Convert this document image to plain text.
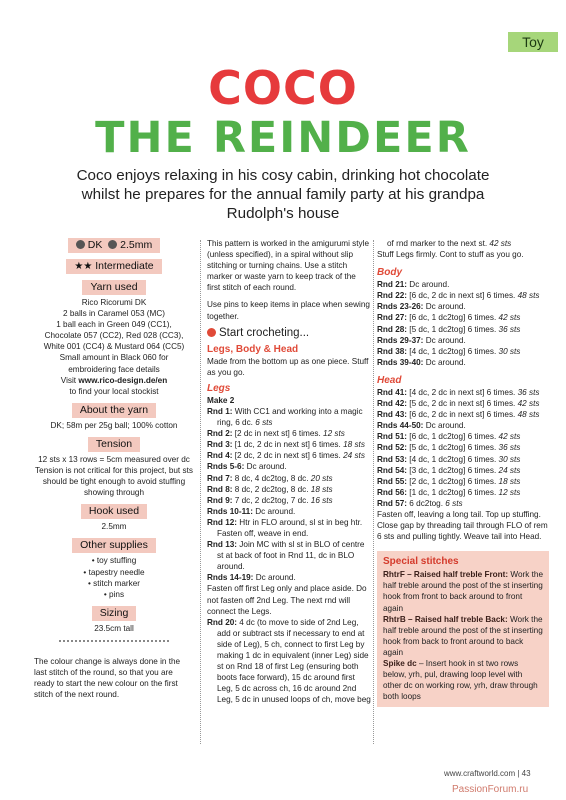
Toy
COCO
THE REINDEER
Coco enjoys relaxing in his cosy cabin, drinking hot chocolate whilst he prepares for the annual family party at his grandpa Rudolph's house
DK 2.5mm
★★ Intermediate
Yarn used
Rico Ricorumi DK
2 balls in Caramel 053 (MC)
1 ball each in Green 049 (CC1),
Chocolate 057 (CC2), Red 028 (CC3),
White 001 (CC4) & Mustard 064 (CC5)
Small amount in Black 060 for
embroidering face details
Visit www.rico-design.de/en
to find your local stockist
About the yarn
DK; 58m per 25g ball; 100% cotton
Tension
12 sts x 13 rows = 5cm measured over dc Tension is not critical for this project, but sts should be tight enough to avoid stuffing showing through
Hook used
2.5mm
Other supplies
• toy stuffing
• tapestry needle
• stitch marker
• pins
Sizing
23.5cm tall
The colour change is always done in the last stitch of the round, so that you are ready to start the new colour on the first stitch of the next round.
This pattern is worked in the amigurumi style (unless specified), in a spiral without slip stitching or turning chains. Use a stitch marker or waste yarn to keep track of the first stitch of each round.
Use pins to keep items in place when sewing together.
Start crocheting...
Legs, Body & Head
Made from the bottom up as one piece. Stuff as you go.
Legs
Make 2
Rnd 1: With CC1 and working into a magic ring, 6 dc. 6 sts
Rnd 2: [2 dc in next st] 6 times. 12 sts
Rnd 3: [1 dc, 2 dc in next st] 6 times. 18 sts
Rnd 4: [2 dc, 2 dc in next st] 6 times. 24 sts
Rnds 5-6: Dc around.
Rnd 7: 8 dc, 4 dc2tog, 8 dc. 20 sts
Rnd 8: 8 dc, 2 dc2tog, 8 dc. 18 sts
Rnd 9: 7 dc, 2 dc2tog, 7 dc. 16 sts
Rnds 10-11: Dc around.
Rnd 12: Htr in FLO around, sl st in beg htr. Fasten off, weave in end.
Rnd 13: Join MC with sl st in BLO of centre st at back of foot in Rnd 11, dc in BLO around.
Rnds 14-19: Dc around.
Fasten off first Leg only and place aside. Do not fasten off 2nd Leg. The next rnd will connect the Legs.
Rnd 20: 4 dc (to move to side of 2nd Leg, add or subtract sts if necessary to end at side of Leg), 5 ch, connect to first Leg by making 1 dc in equivalent (inner Leg) side st on Rnd 18 of first Leg (ensuring both boots face forward), 15 dc around first Leg, 5 dc across ch, 16 dc around 2nd Leg, 5 dc in unused loops of ch, move beg
of rnd marker to the next st. 42 sts
Stuff Legs firmly. Cont to stuff as you go.
Body
Rnd 21: Dc around.
Rnd 22: [6 dc, 2 dc in next st] 6 times. 48 sts
Rnds 23-26: Dc around.
Rnd 27: [6 dc, 1 dc2tog] 6 times. 42 sts
Rnd 28: [5 dc, 1 dc2tog] 6 times. 36 sts
Rnds 29-37: Dc around.
Rnd 38: [4 dc, 1 dc2tog] 6 times. 30 sts
Rnds 39-40: Dc around.
Head
Rnd 41: [4 dc, 2 dc in next st] 6 times. 36 sts
Rnd 42: [5 dc, 2 dc in next st] 6 times. 42 sts
Rnd 43: [6 dc, 2 dc in next st] 6 times. 48 sts
Rnds 44-50: Dc around.
Rnd 51: [6 dc, 1 dc2tog] 6 times. 42 sts
Rnd 52: [5 dc, 1 dc2tog] 6 times. 36 sts
Rnd 53: [4 dc, 1 dc2tog] 6 times. 30 sts
Rnd 54: [3 dc, 1 dc2tog] 6 times. 24 sts
Rnd 55: [2 dc, 1 dc2tog] 6 times. 18 sts
Rnd 56: [1 dc, 1 dc2tog] 6 times. 12 sts
Rnd 57: 6 dc2tog. 6 sts
Fasten off, leaving a long tail. Top up stuffing. Close gap by threading tail through FLO of rem 6 sts and pulling tightly. Weave tail into Head.
Special stitches
RhtrF – Raised half treble Front: Work the half treble around the post of the st inserting hook from front to back around to front again
RhtrB – Raised half treble Back: Work the half treble around the post of the st inserting hook from back to front around to back again
Spike dc – Insert hook in st two rows below, yrh, pul, drawing loop level with other dc on working row, yrh, draw through both loops
www.craftworld.com | 43
PassionForum.ru
